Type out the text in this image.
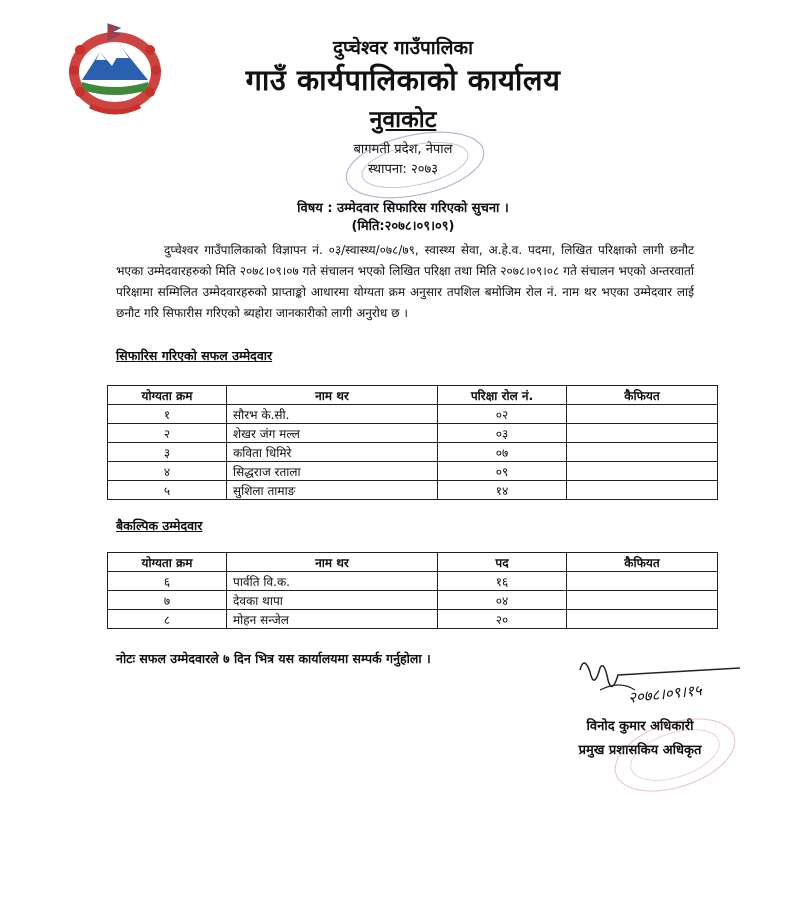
दुप्चेश्वर गाउँपालिका
गाउँ कार्यपालिकाको कार्यालय
नुवाकोट
बागमती प्रदेश, नेपाल
स्थापना: २०७३
विषय : उम्मेदवार सिफारिस गरिएको सुचना ।
(मिति:२०७८।०९।०९)
दुप्चेश्वर गाउँपालिकाको विज्ञापन नं. ०३/स्वास्थ्य/०७८/७९, स्वास्थ्य सेवा, अ.हे.व. पदमा, लिखित परिक्षाको लागी छनौट भएका उम्मेदवारहरुको मिति २०७८।०९।०७ गते संचालन भएको लिखित परिक्षा तथा मिति २०७८।०९।०८ गते संचालन भएको अन्तरवार्ता परिक्षामा सम्मिलित उम्मेदवारहरुको प्राप्ताङ्को आधारमा योग्यता क्रम अनुसार तपशिल बमोजिम रोल नं. नाम थर भएका उम्मेदवार लाई छनौट गरि सिफारीस गरिएको ब्यहोरा जानकारीको लागी अनुरोध छ ।
सिफारिस गरिएको सफल उम्मेदवार
योग्यता क्रम	नाम थर	परिक्षा रोल नं.	कैफियत
१	सौरभ के.सी.	०२	
२	शेखर जंग मल्ल	०३	
३	कविता धिमिरे	०७	
४	सिद्धराज रताला	०९	
५	सुशिला तामाङ	१४	
बैकल्पिक उम्मेदवार
योग्यता क्रम	नाम थर	पद	कैफियत
६	पार्वति वि.क.	१६	
७	देवका थापा	०४	
८	मोहन सन्जेल	२०	
नोटः सफल उम्मेदवारले ७ दिन भित्र यस कार्यालयमा सम्पर्क गर्नुहोला ।
२०७८।०९।१५
विनोद कुमार अधिकारी
प्रमुख प्रशासकिय अधिकृत
